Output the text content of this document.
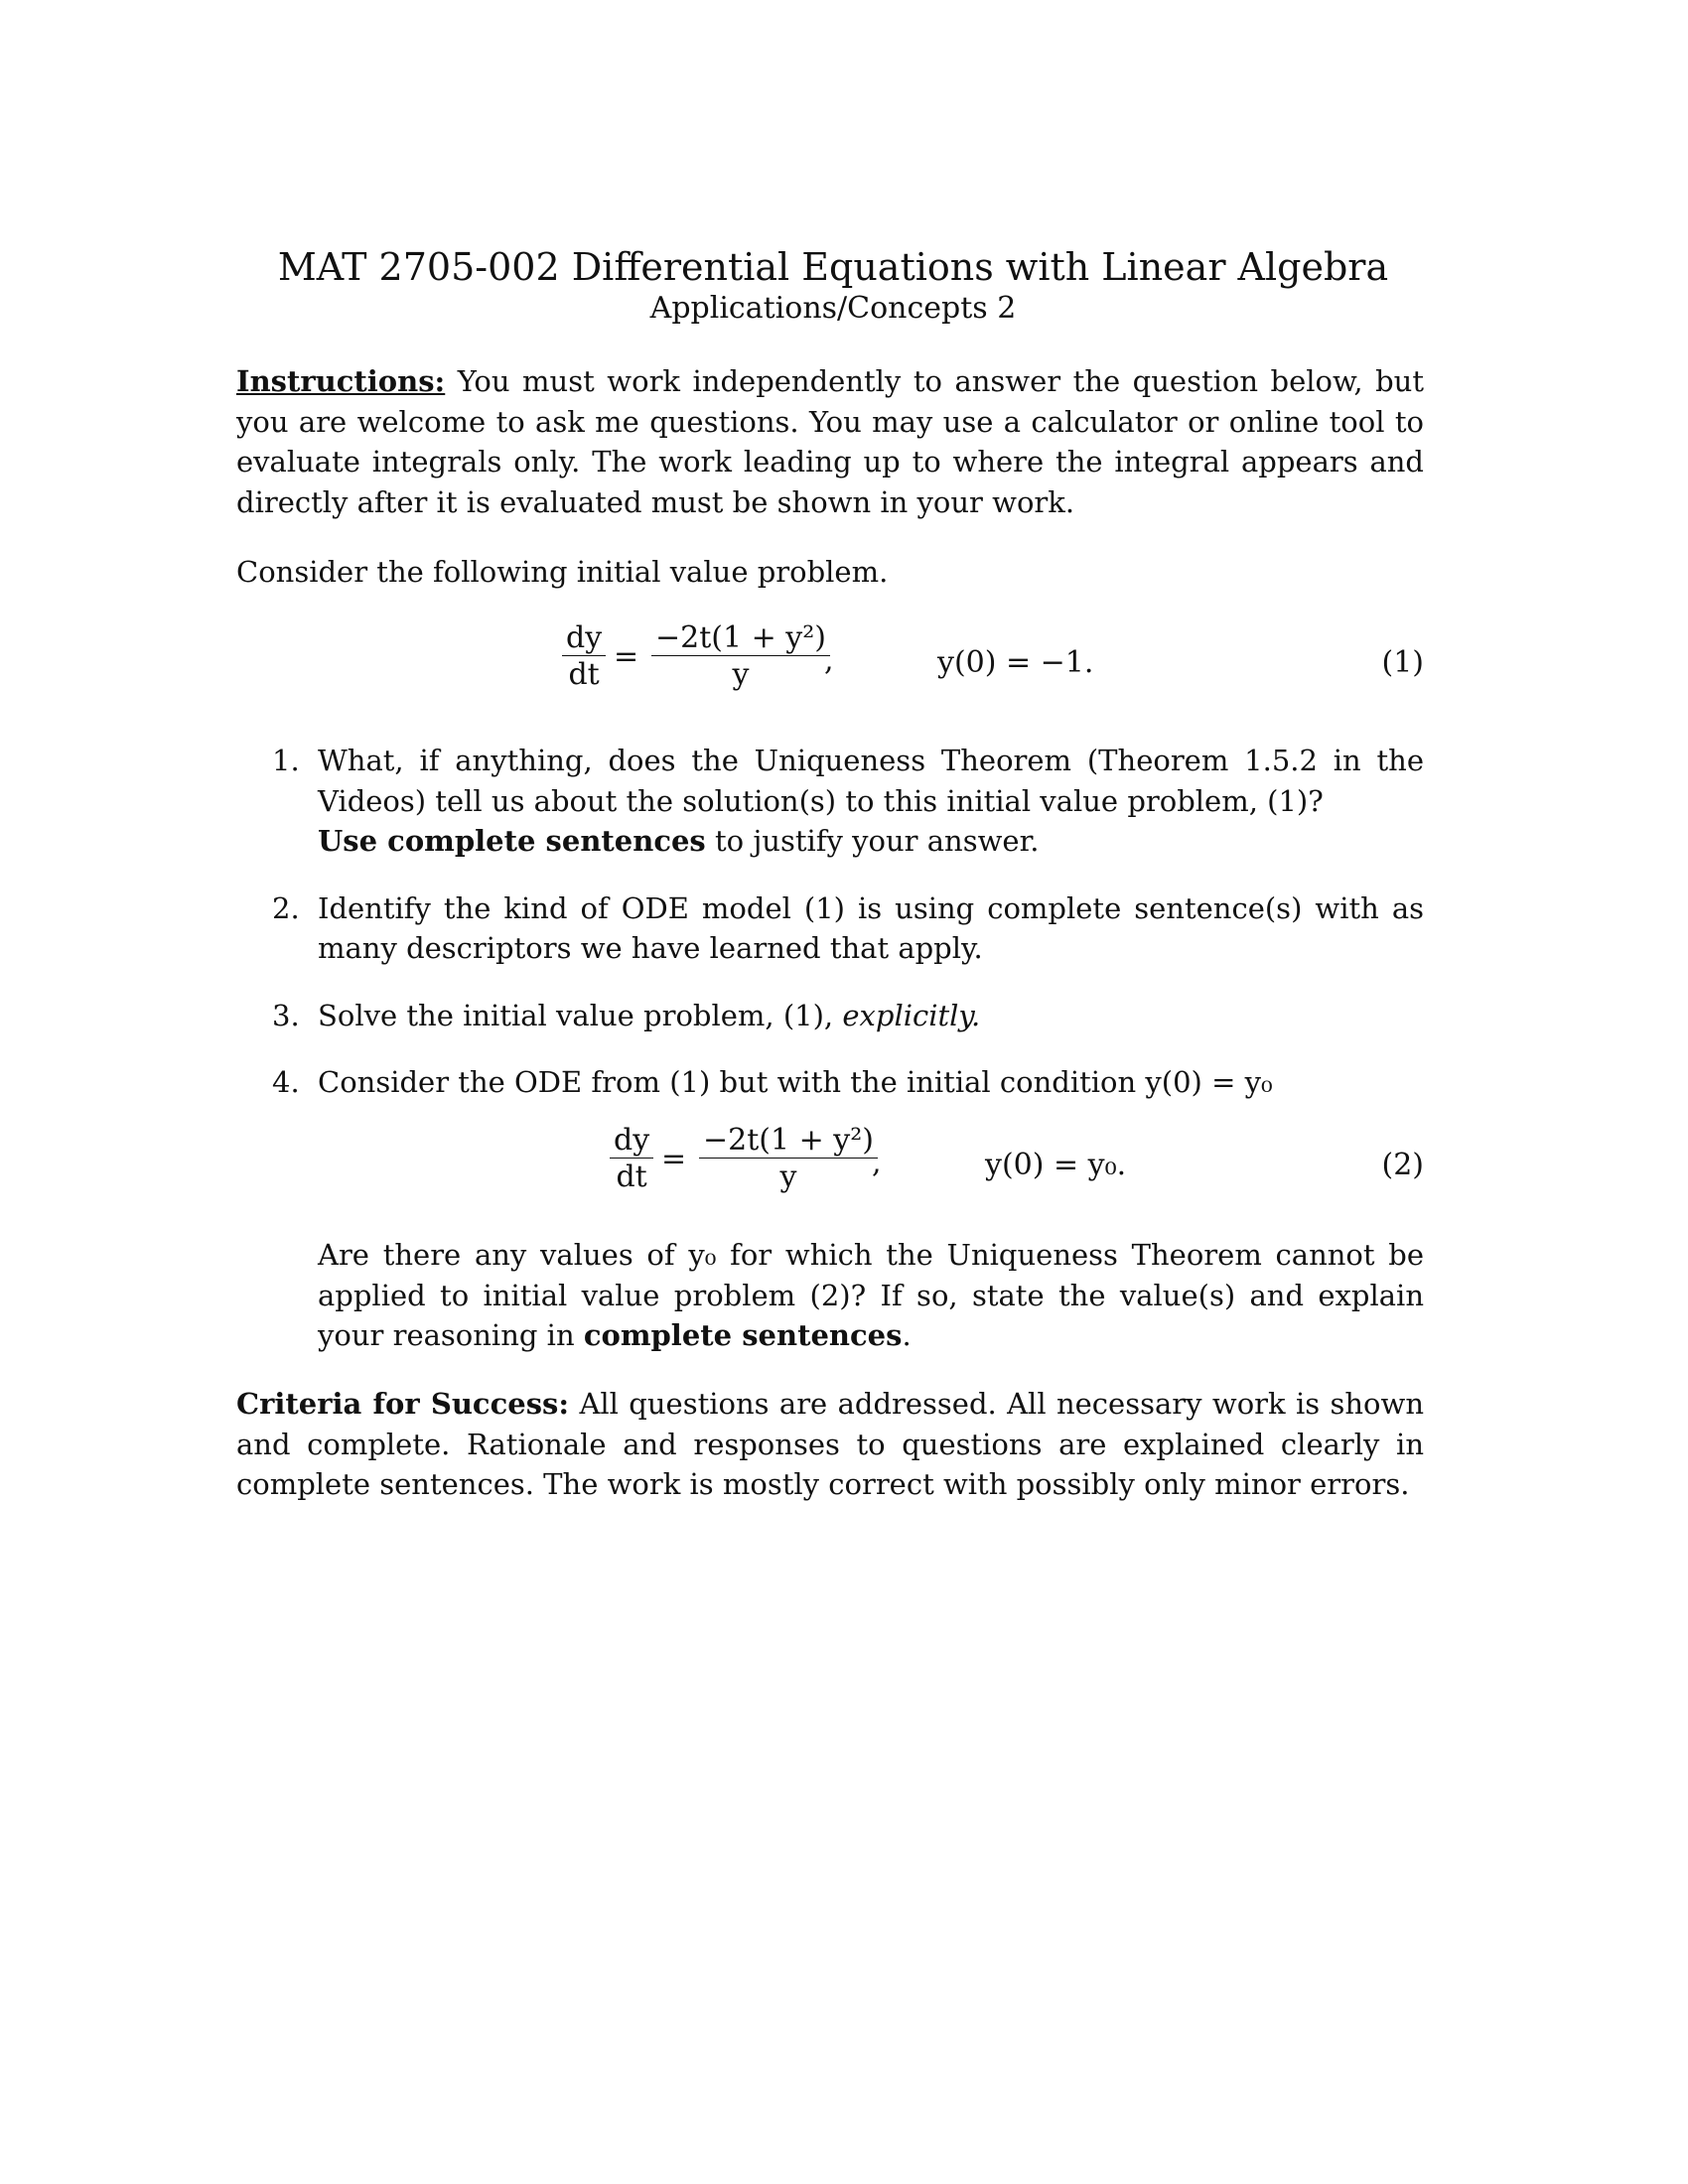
MAT 2705-002 Differential Equations with Linear Algebra
Applications/Concepts 2
Instructions: You must work independently to answer the question below, but you are welcome to ask me questions. You may use a calculator or online tool to evaluate integrals only. The work leading up to where the integral appears and directly after it is evaluated must be shown in your work.
Consider the following initial value problem.
dy
dt
=
−2t(1 + y²)
y	,	y(0) = −1.	(1)
1. What, if anything, does the Uniqueness Theorem (Theorem 1.5.2 in the Videos) tell us about the solution(s) to this initial value problem, (1)?
Use complete sentences to justify your answer.
2. Identify the kind of ODE model (1) is using complete sentence(s) with as many descriptors we have learned that apply.
3. Solve the initial value problem, (1), explicitly.
4. Consider the ODE from (1) but with the initial condition y(0) = y₀
dy
dt
=
−2t(1 + y²)
y	,	y(0) = y₀.	(2)
Are there any values of y₀ for which the Uniqueness Theorem cannot be applied to initial value problem (2)? If so, state the value(s) and explain your reasoning in complete sentences.
Criteria for Success: All questions are addressed. All necessary work is shown and complete. Rationale and responses to questions are explained clearly in complete sentences. The work is mostly correct with possibly only minor errors.
